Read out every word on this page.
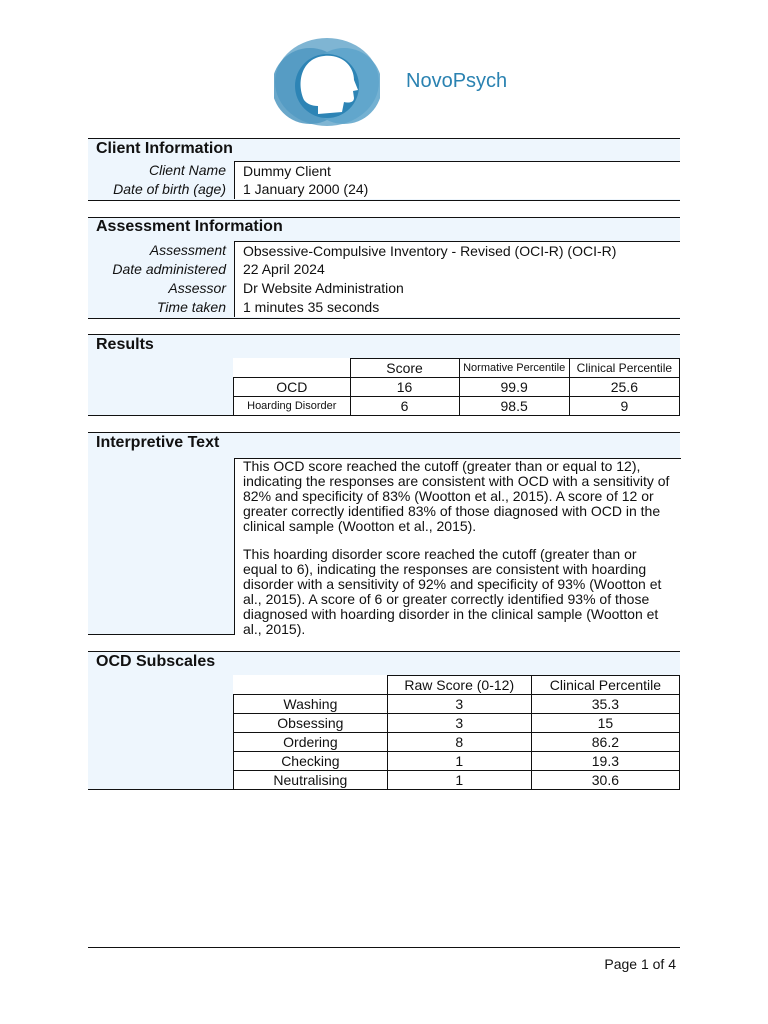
NovoPsych
Client Information
Client Name	Dummy Client
Date of birth (age)	1 January 2000 (24)
Assessment Information
Assessment	Obsessive-Compulsive Inventory - Revised (OCI-R) (OCI-R)
Date administered	22 April 2024
Assessor	Dr Website Administration
Time taken	1 minutes 35 seconds
Results
	Score	Normative Percentile	Clinical Percentile
OCD	16	99.9	25.6
Hoarding Disorder	6	98.5	9
Interpretive Text

This OCD score reached the cutoff (greater than or equal to 12), indicating the responses are consistent with OCD with a sensitivity of 82% and specificity of 83% (Wootton et al., 2015). A score of 12 or greater correctly identified 83% of those diagnosed with OCD in the clinical sample (Wootton et al., 2015).

This hoarding disorder score reached the cutoff (greater than or equal to 6), indicating the responses are consistent with hoarding disorder with a sensitivity of 92% and specificity of 93% (Wootton et al., 2015). A score of 6 or greater correctly identified 93% of those diagnosed with hoarding disorder in the clinical sample (Wootton et al., 2015).

OCD Subscales
	Raw Score (0-12)	Clinical Percentile
Washing	3	35.3
Obsessing	3	15
Ordering	8	86.2
Checking	1	19.3
Neutralising	1	30.6
Page 1 of 4
